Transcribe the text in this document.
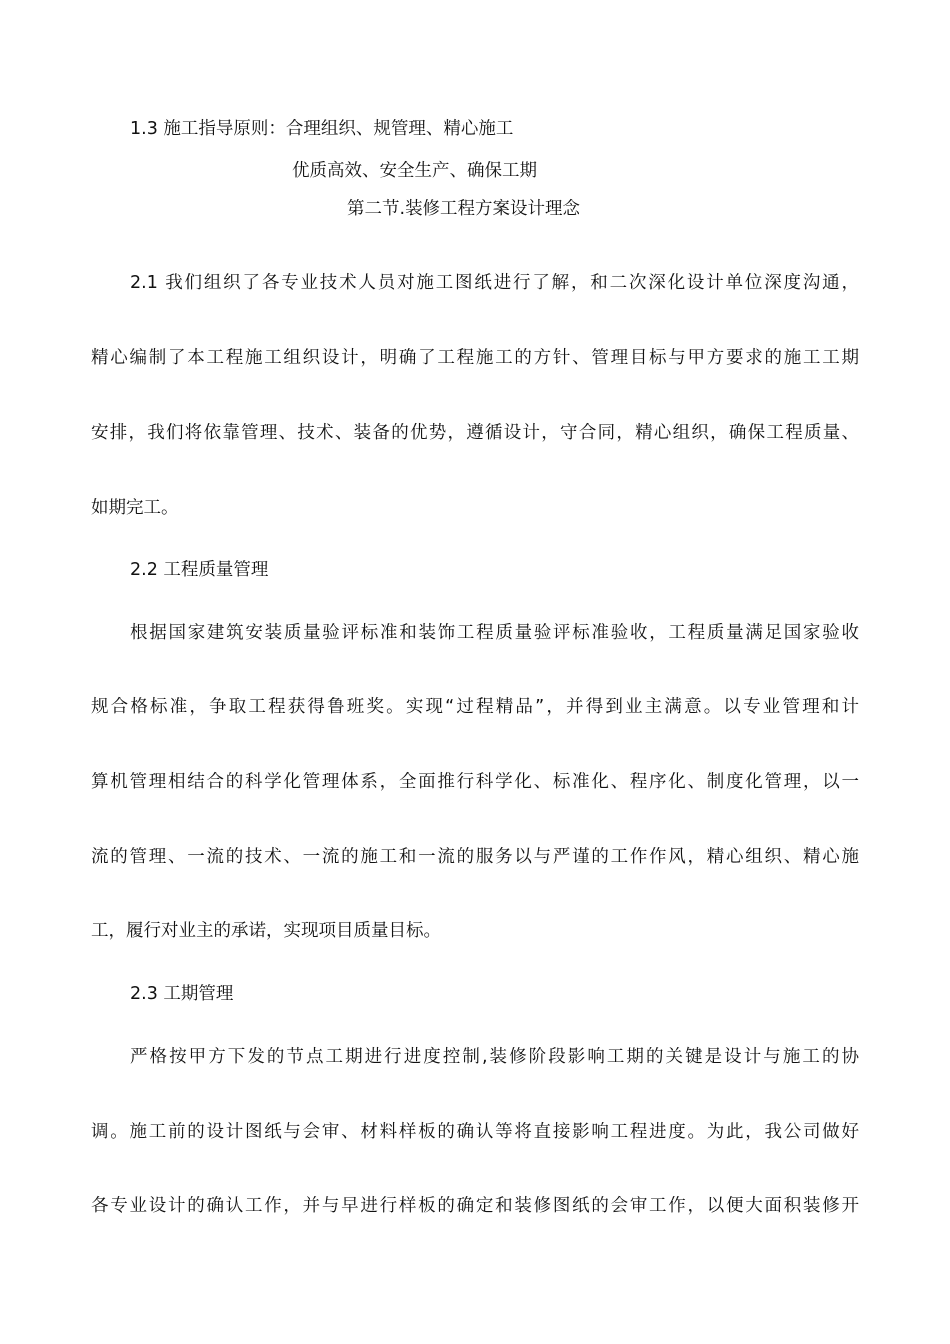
1.3 施工指导原则：合理组织、规管理、精心施工
优质高效、安全生产、确保工期
第二节.装修工程方案设计理念
2.1 我们组织了各专业技术人员对施工图纸进行了解，和二次深化设计单位深度沟通，
精心编制了本工程施工组织设计，明确了工程施工的方针、管理目标与甲方要求的施工工期
安排，我们将依靠管理、技术、装备的优势，遵循设计，守合同，精心组织，确保工程质量、
如期完工。
2.2 工程质量管理
根据国家建筑安装质量验评标准和装饰工程质量验评标准验收，工程质量满足国家验收
规合格标准，争取工程获得鲁班奖。实现“过程精品”，并得到业主满意。以专业管理和计
算机管理相结合的科学化管理体系，全面推行科学化、标准化、程序化、制度化管理，以一
流的管理、一流的技术、一流的施工和一流的服务以与严谨的工作作风，精心组织、精心施
工，履行对业主的承诺，实现项目质量目标。
2.3 工期管理
严格按甲方下发的节点工期进行进度控制,装修阶段影响工期的关键是设计与施工的协
调。施工前的设计图纸与会审、材料样板的确认等将直接影响工程进度。为此，我公司做好
各专业设计的确认工作，并与早进行样板的确定和装修图纸的会审工作，以便大面积装修开
